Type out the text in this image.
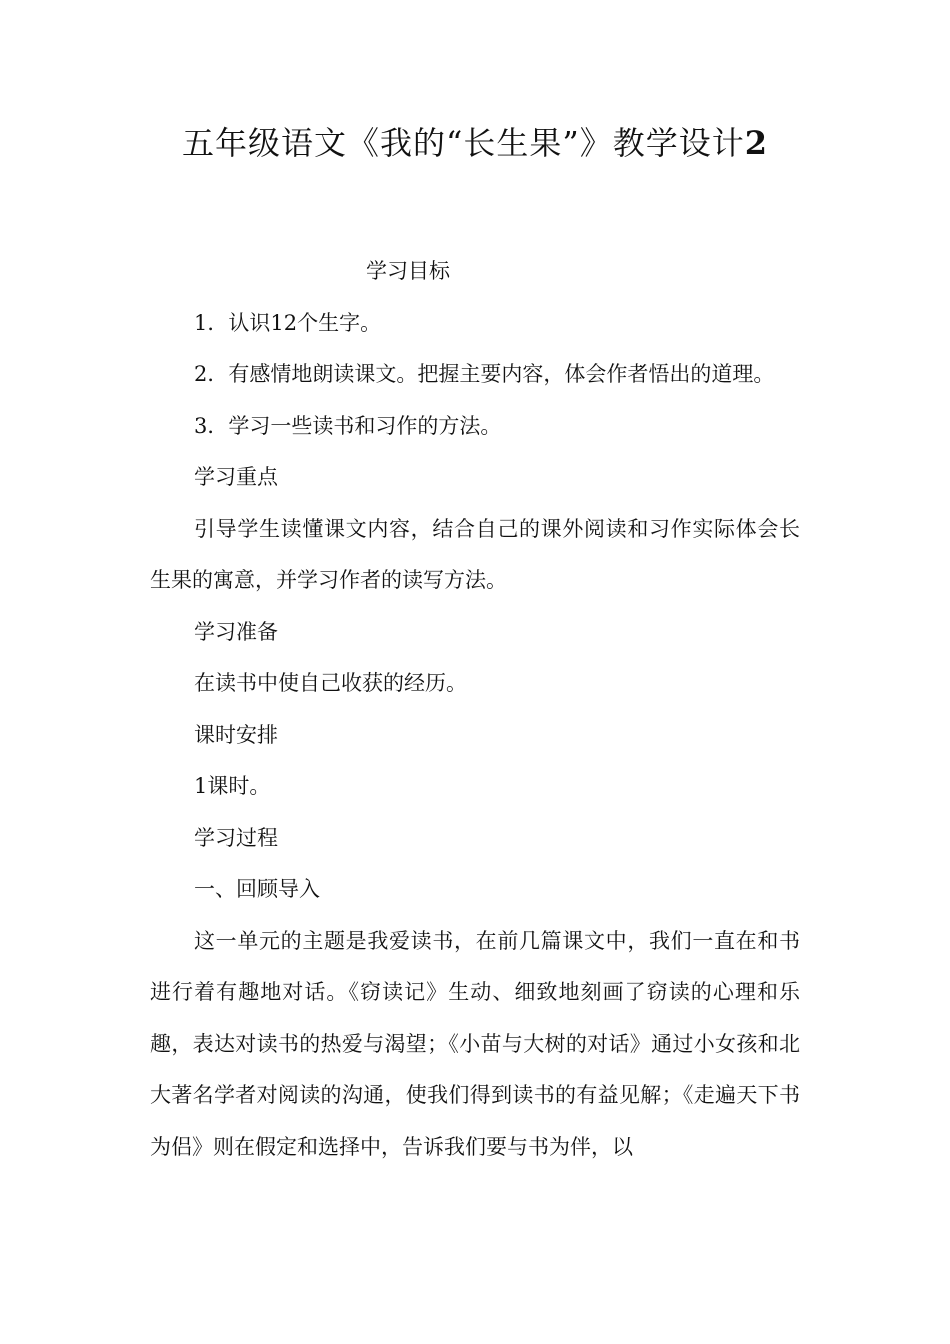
五年级语文《我的“长生果”》教学设计2

学习目标

1．认识12个生字。

2．有感情地朗读课文。把握主要内容，体会作者悟出的道理。

3．学习一些读书和习作的方法。

学习重点

引导学生读懂课文内容，结合自己的课外阅读和习作实际体会长生果的寓意，并学习作者的读写方法。

学习准备

在读书中使自己收获的经历。

课时安排

1课时。

学习过程

一、回顾导入

这一单元的主题是我爱读书，在前几篇课文中，我们一直在和书进行着有趣地对话。《窃读记》生动、细致地刻画了窃读的心理和乐趣，表达对读书的热爱与渴望；《小苗与大树的对话》通过小女孩和北大著名学者对阅读的沟通，使我们得到读书的有益见解；《走遍天下书为侣》则在假定和选择中，告诉我们要与书为伴，以
